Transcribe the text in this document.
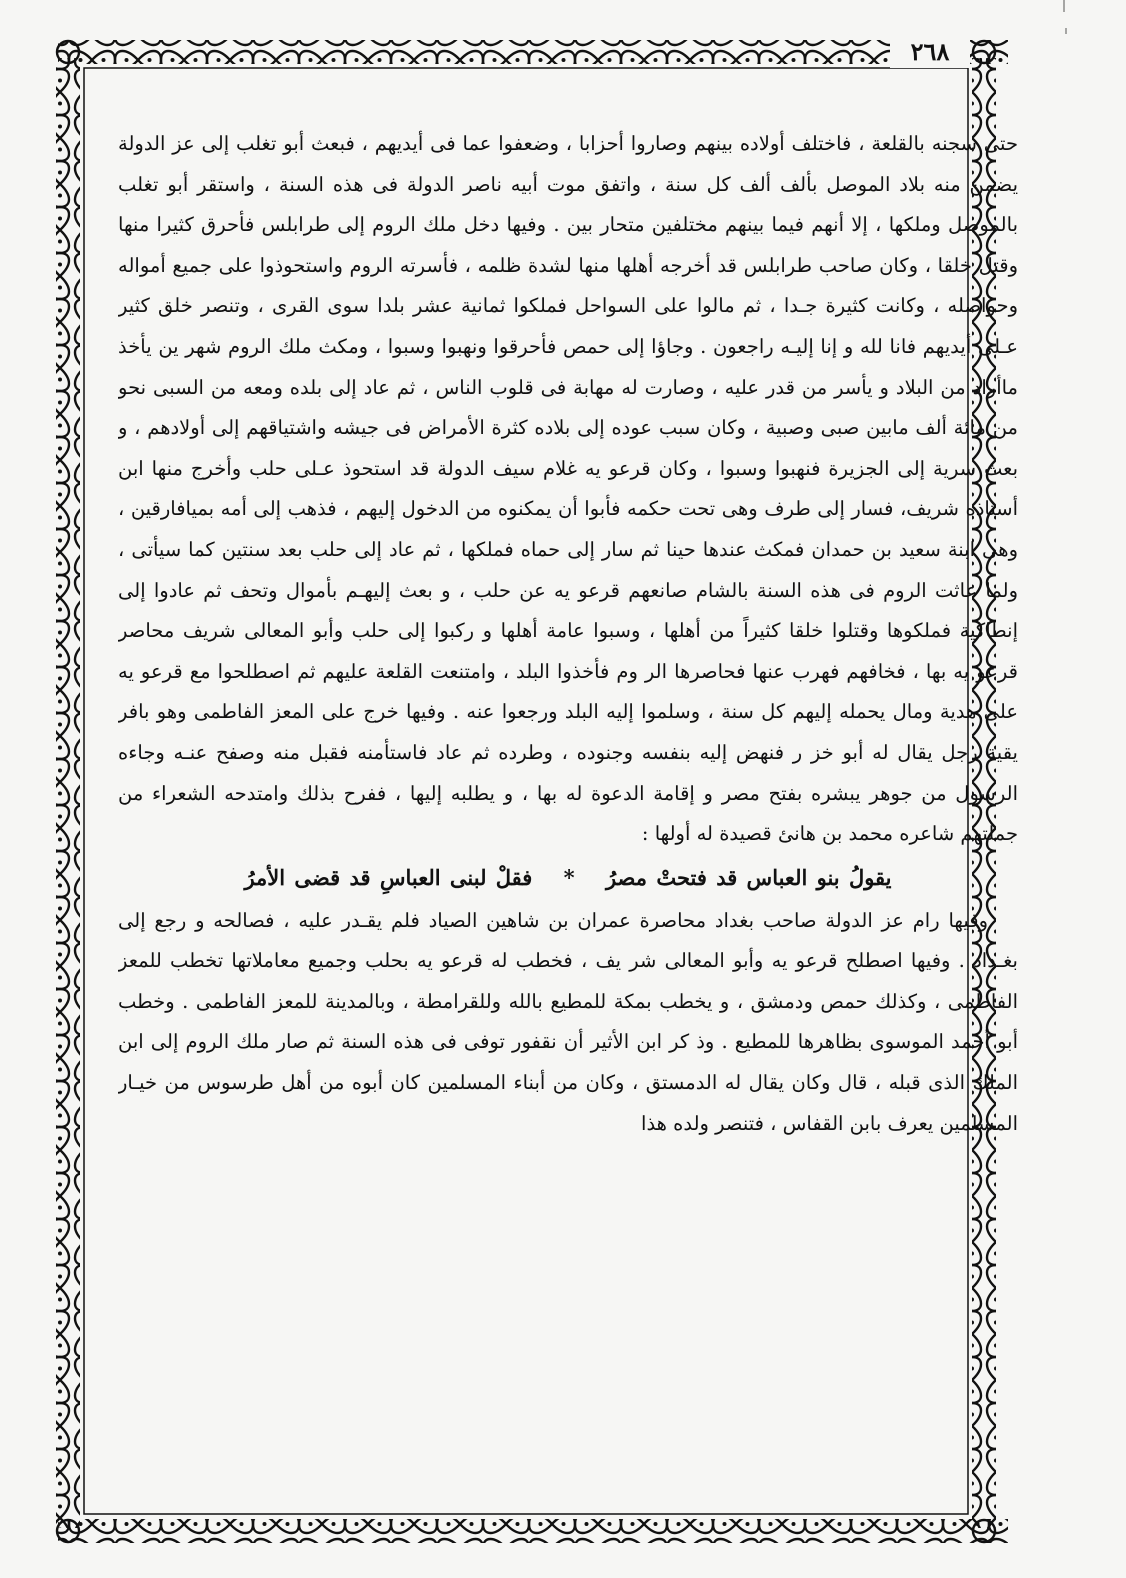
٢٦٨

حتى سجنه بالقلعة ، فاختلف أولاده بينهم وصاروا أحزابا ، وضعفوا عما فى أيديهم ، فبعث أبو تغلب إلى عز الدولة يضمن منه بلاد الموصل بألف ألف كل سنة ، واتفق موت أبيه ناصر الدولة فى هذه السنة ، واستقر أبو تغلب بالموصل وملكها ، إلا أنهم فيما بينهم مختلفين متحار بين . وفيها دخل ملك الروم إلى طرابلس فأحرق كثيرا منها وقتل خلقا ، وكان صاحب طرابلس قد أخرجه أهلها منها لشدة ظلمه ، فأسرته الروم واستحوذوا على جميع أمواله وحواصله ، وكانت كثيرة جـدا ، ثم مالوا على السواحل فملكوا ثمانية عشر بلدا سوى القرى ، وتنصر خلق كثير عـلى أيديهم فانا لله و إنا إليـه راجعون . وجاؤا إلى حمص فأحرقوا ونهبوا وسبوا ، ومكث ملك الروم شهر ين يأخذ ماأراد من البلاد و يأسر من قدر عليه ، وصارت له مهابة فى قلوب الناس ، ثم عاد إلى بلده ومعه من السبى نحو من مائة ألف مابين صبى وصبية ، وكان سبب عوده إلى بلاده كثرة الأمراض فى جيشه واشتياقهم إلى أولادهم ، و بعث سرية إلى الجزيرة فنهبوا وسبوا ، وكان قرعو يه غلام سيف الدولة قد استحوذ عـلى حلب وأخرج منها ابن أستاذه شريف، فسار إلى طرف وهى تحت حكمه فأبوا أن يمكنوه من الدخول إليهم ، فذهب إلى أمه بميافارقين ، وهى ابنة سعيد بن حمدان فمكث عندها حينا ثم سار إلى حماه فملكها ، ثم عاد إلى حلب بعد سنتين كما سيأتى ، ولما عاثت الروم فى هذه السنة بالشام صانعهم قرعو يه عن حلب ، و بعث إليهـم بأموال وتحف ثم عادوا إلى إنطاكية فملكوها وقتلوا خلقا كثيراً من أهلها ، وسبوا عامة أهلها و ركبوا إلى حلب وأبو المعالى شريف محاصر قرعو يه بها ، فخافهم فهرب عنها فحاصرها الر وم فأخذوا البلد ، وامتنعت القلعة عليهم ثم اصطلحوا مع قرعو يه على هدية ومال يحمله إليهم كل سنة ، وسلموا إليه البلد ورجعوا عنه . وفيها خرج على المعز الفاطمى وهو بافر يقية رجل يقال له أبو خز ر فنهض إليه بنفسه وجنوده ، وطرده ثم عاد فاستأمنه فقبل منه وصفح عنـه وجاءه الرسول من جوهر يبشره بفتح مصر و إقامة الدعوة له بها ، و يطلبه إليها ، ففرح بذلك وامتدحه الشعراء من جملتهم شاعره محمد بن هانئ قصيدة له أولها :

يقولُ بنو العباس قد فتحتْ مصرُ * فقلْ لبنى العباسِ قد قضى الأمرُ

وفيها رام عز الدولة صاحب بغداد محاصرة عمران بن شاهين الصياد فلم يقـدر عليه ، فصالحه و رجع إلى بغـداد . وفيها اصطلح قرعو يه وأبو المعالى شر يف ، فخطب له قرعو يه بحلب وجميع معاملاتها تخطب للمعز الفاطمى ، وكذلك حمص ودمشق ، و يخطب بمكة للمطيع بالله وللقرامطة ، وبالمدينة للمعز الفاطمى . وخطب أبو أحمد الموسوى بظاهرها للمطيع . وذ كر ابن الأثير أن نقفور توفى فى هذه السنة ثم صار ملك الروم إلى ابن الملك الذى قبله ، قال وكان يقال له الدمستق ، وكان من أبناء المسلمين كان أبوه من أهل طرسوس من خيـار المسلمين يعرف بابن القفاس ، فتنصر ولده هذا
